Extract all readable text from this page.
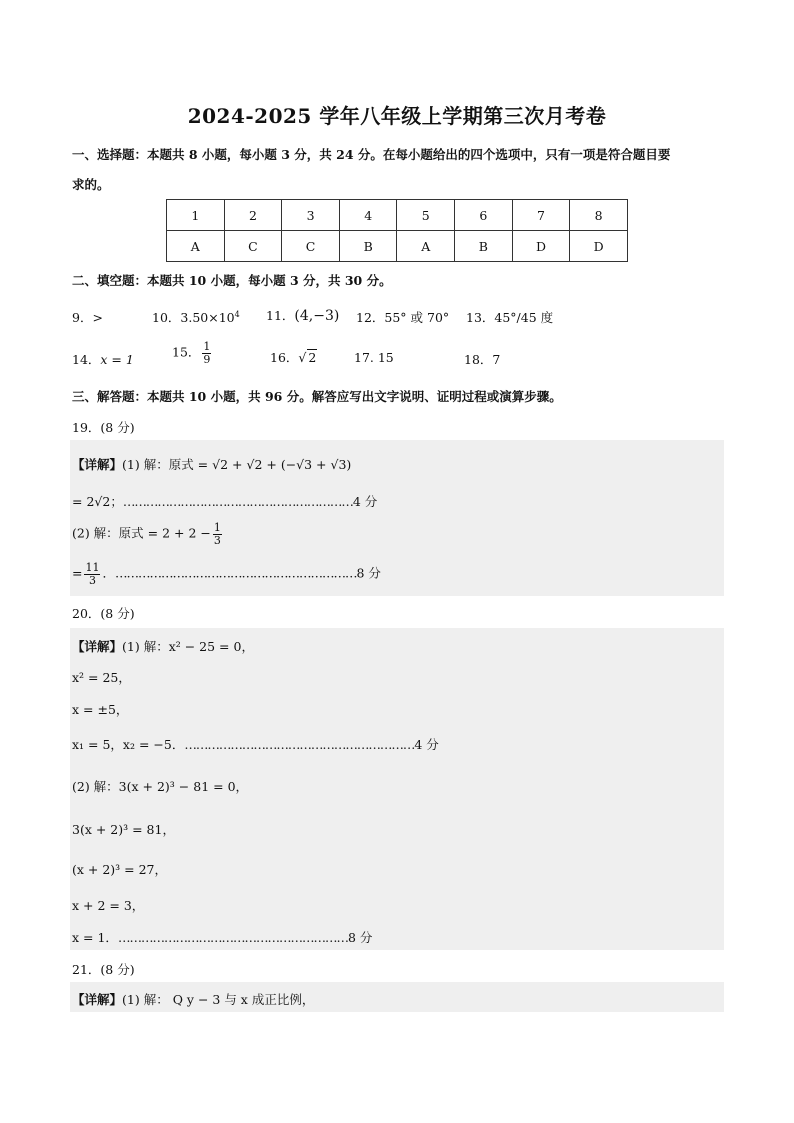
2024-2025 学年八年级上学期第三次月考卷
一、选择题：本题共 8 小题，每小题 3 分，共 24 分。在每小题给出的四个选项中，只有一项是符合题目要
求的。
1	2	3	4	5	6	7	8
A	C	C	B	A	B	D	D
二、填空题：本题共 10 小题，每小题 3 分，共 30 分。
9．>	10．$3.50\times 10^4$ 11．(4,−3) 12．55° 或 70° 13．45°/45 度
14．x = 1	15． $\frac{1}{9}$	16．√ 2	17. 15	18．7
三、解答题：本题共 10 小题，共 96 分。解答应写出文字说明、证明过程或演算步骤。
19．(8 分)
【详解】(1) 解：原式 = √2 + √2 + (−√3 + √3)
= 2√2；……………………………………………………4 分
(2) 解：原式 = $2 + 2 - \frac{1}{3}$
= $\frac{11}{3}$ ．………………………………………………………8 分
20．(8 分)
【详解】(1) 解：x² − 25 = 0，
x² = 25，
x = ±5，
x₁ = 5，x₂ = −5．……………………………………………………4 分
(2) 解：3(x + 2)³ − 81 = 0，
3(x + 2)³ = 81，
(x + 2)³ = 27，
x + 2 = 3，
x = 1．……………………………………………………8 分
21．(8 分)
【详解】(1) 解： Q y − 3 与 x 成正比例，
